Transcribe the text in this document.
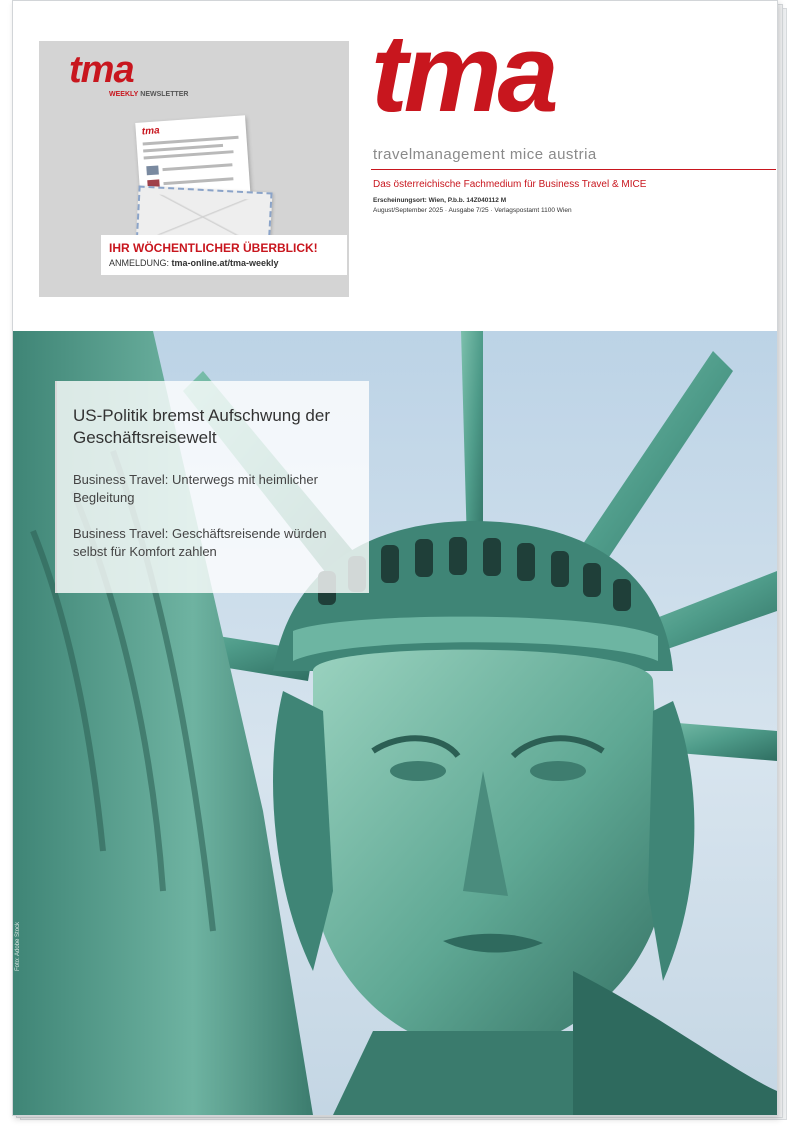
tma
WEEKLY NEWSLETTER
tma
IHR WÖCHENTLICHER ÜBERBLICK!
ANMELDUNG: tma-online.at/tma-weekly
tma
travelmanagement mice austria
Das österreichische Fachmedium für Business Travel & MICE
Erscheinungsort: Wien, P.b.b. 14Z040112 M
August/September 2025 · Ausgabe 7/25 · Verlagspostamt 1100 Wien
US-Politik bremst Aufschwung der Geschäftsreisewelt
Business Travel: Unterwegs mit heimlicher Begleitung
Business Travel: Geschäftsreisende würden selbst für Komfort zahlen
Foto: Adobe Stock
